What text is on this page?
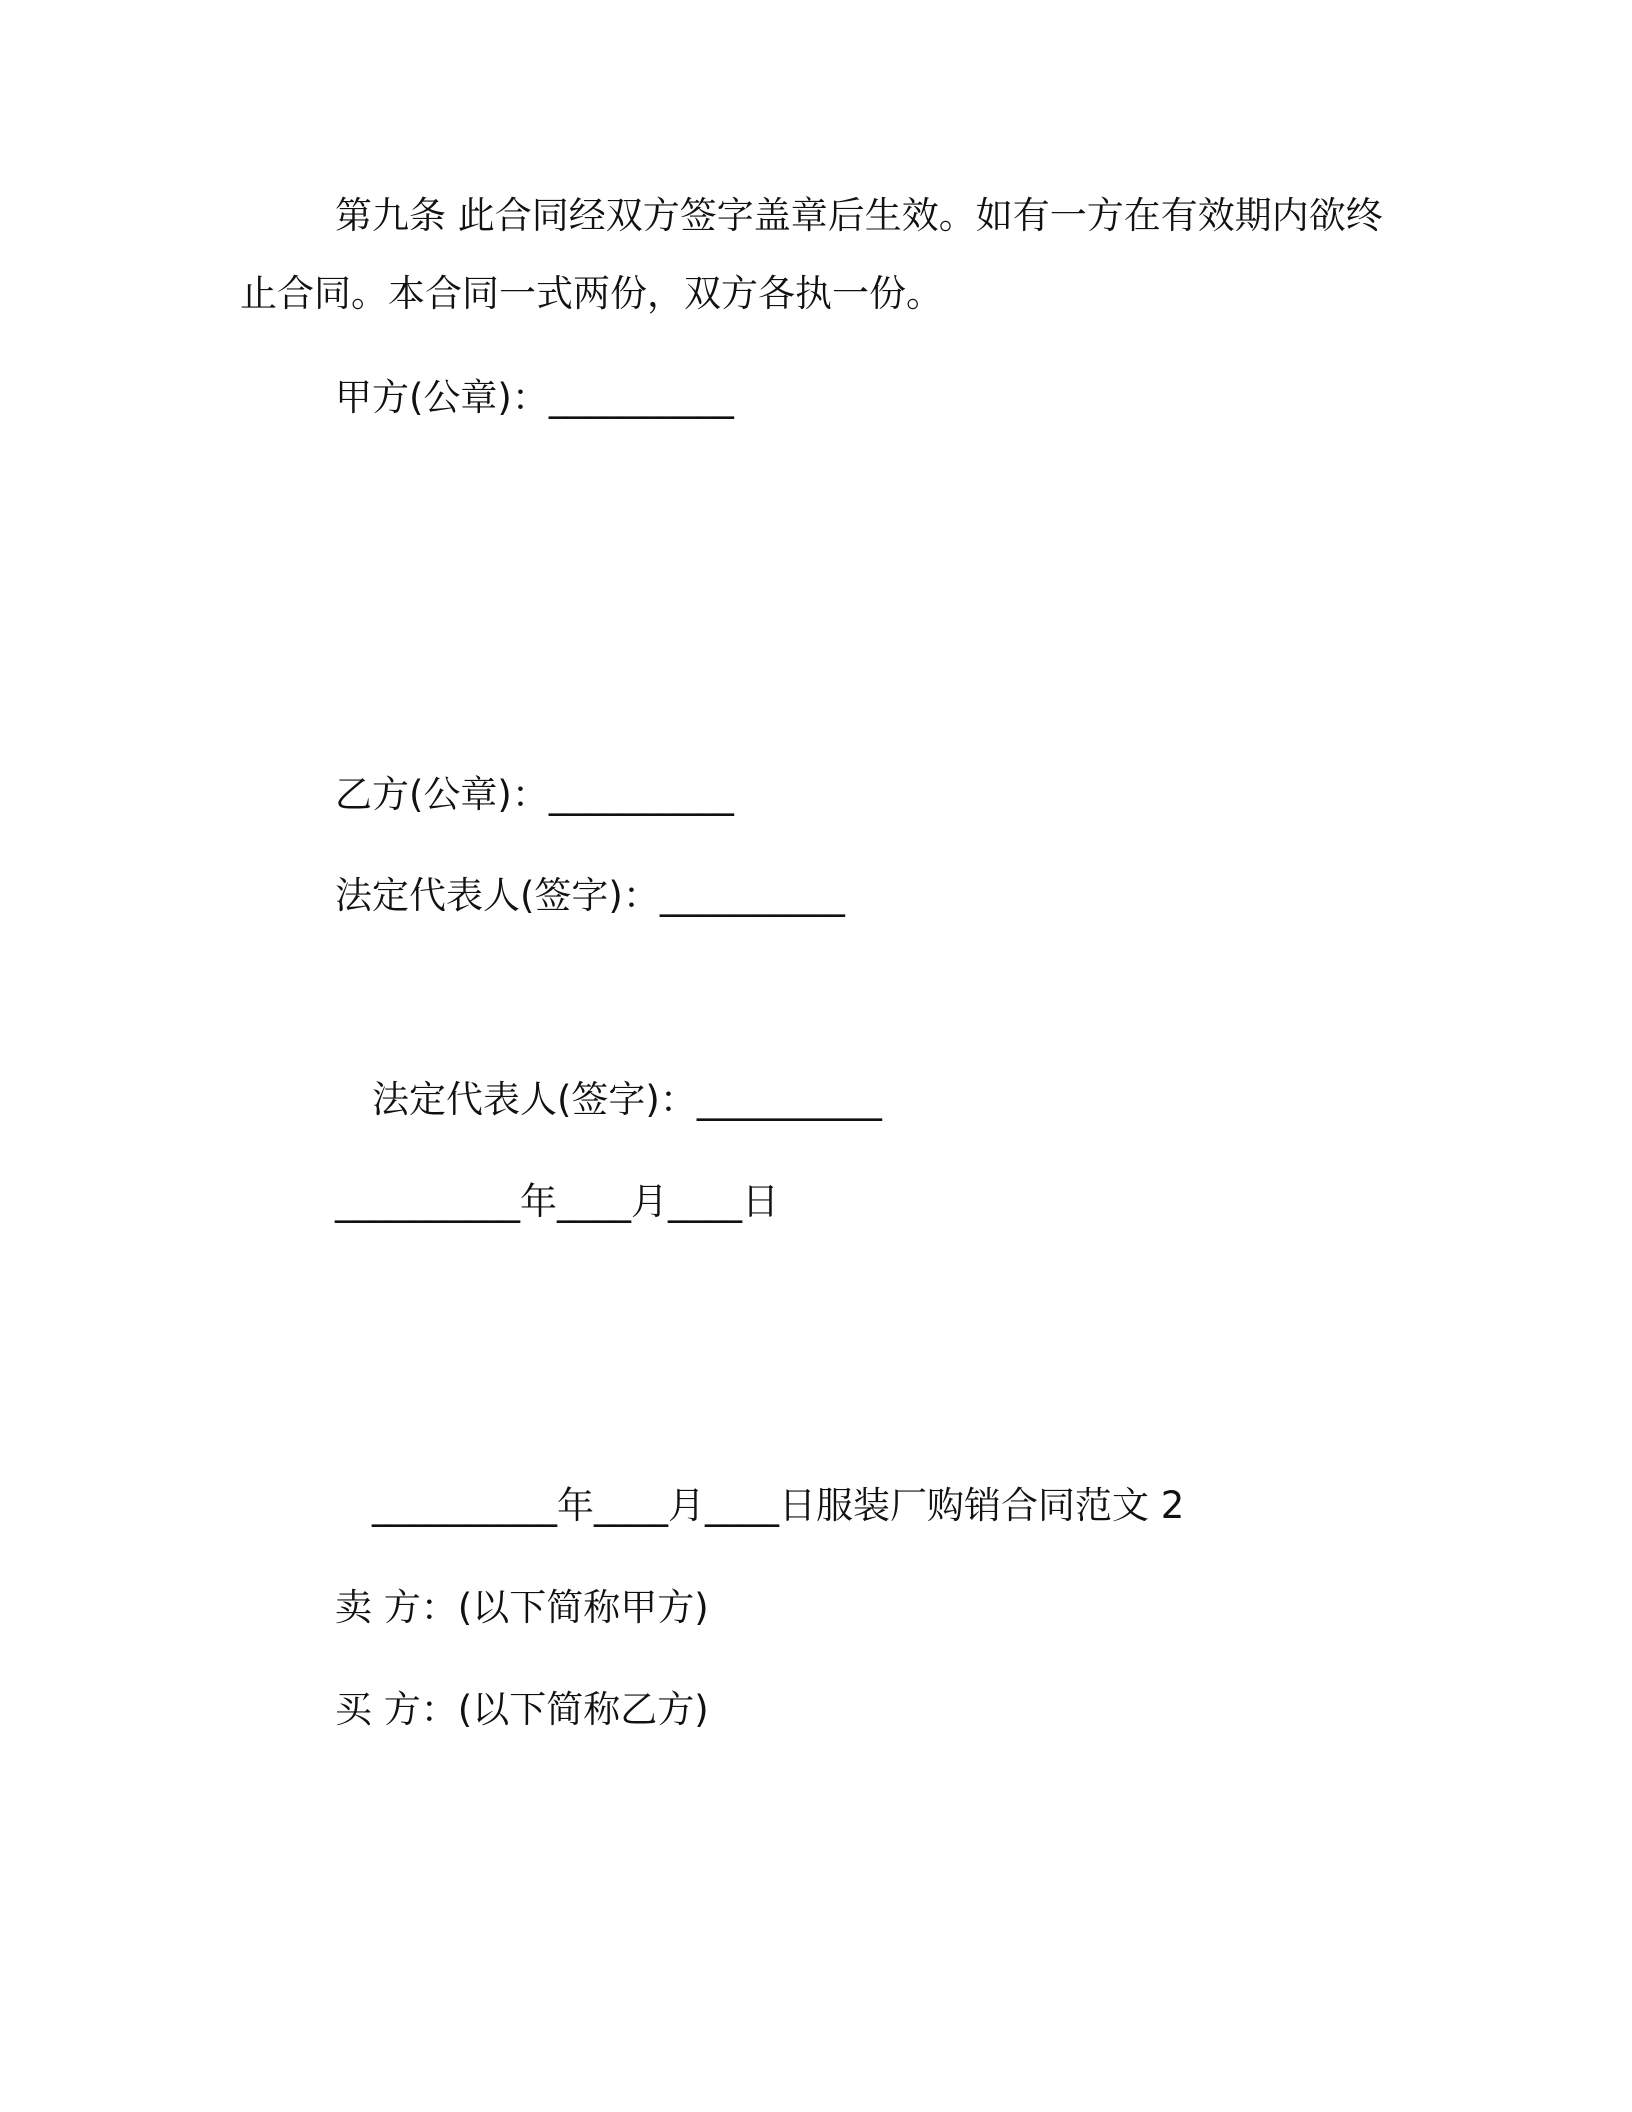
第九条 此合同经双方签字盖章后生效。如有一方在有效期内欲终
止合同。本合同一式两份，双方各执一份。
甲方(公章)：__________
乙方(公章)：__________
法定代表人(签字)：__________
法定代表人(签字)：__________
__________年____月____日
__________年____月____日服装厂购销合同范文 2
卖 方：(以下简称甲方)
买 方：(以下简称乙方)
